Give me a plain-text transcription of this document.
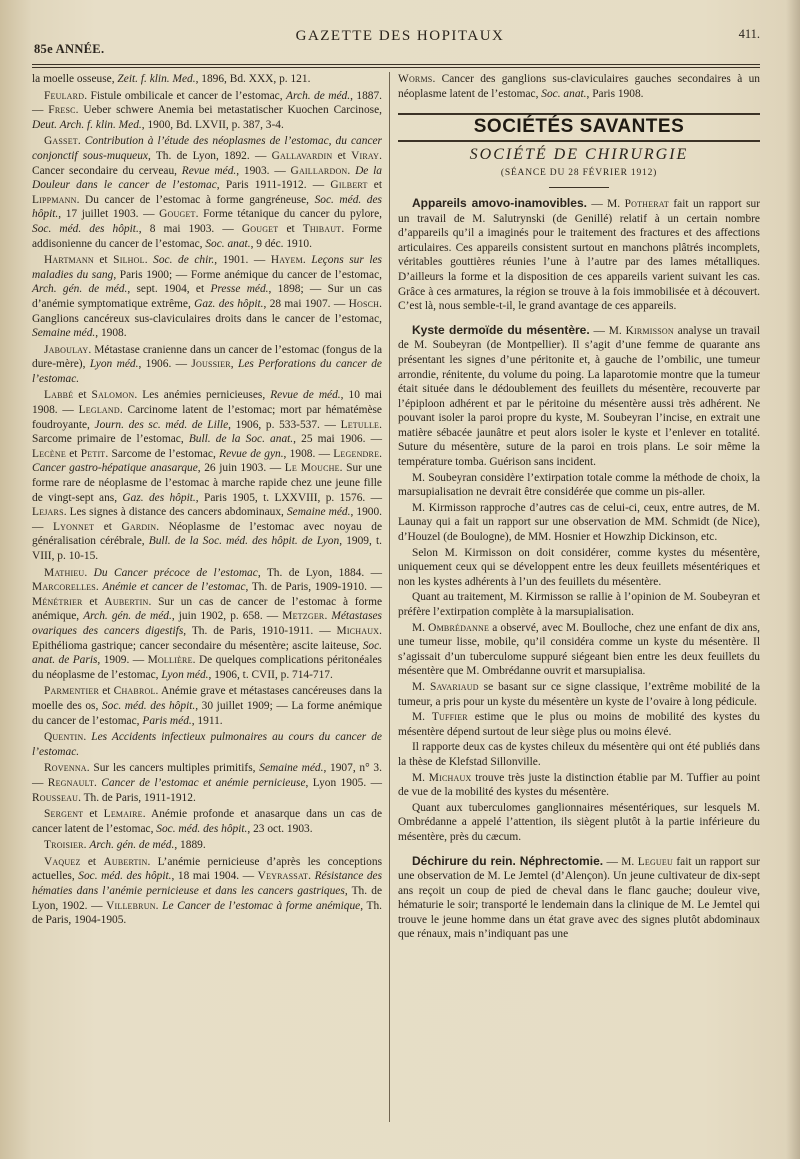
85e ANNÉE.
GAZETTE DES HOPITAUX	411.

la moelle osseuse, Zeit. f. klin. Med., 1896, Bd. XXX, p. 121.

Feulard. Fistule ombilicale et cancer de l’estomac, Arch. de méd., 1887. — Fresc. Ueber schwere Anemia bei metastatischer Kuochen Carcinose, Deut. Arch. f. klin. Med., 1900, Bd. LXVII, p. 387, 3-4.

Gasset. Contribution à l’étude des néoplasmes de l’estomac, du cancer conjonctif sous-muqueux, Th. de Lyon, 1892. — Gallavardin et Viray. Cancer secondaire du cerveau, Revue méd., 1903. — Gaillardon. De la Douleur dans le cancer de l’estomac, Paris 1911-1912. — Gilbert et Lippmann. Du cancer de l’estomac à forme gangréneuse, Soc. méd. des hôpit., 17 juillet 1903. — Gouget. Forme tétanique du cancer du pylore, Soc. méd. des hôpit., 8 mai 1903. — Gouget et Thibaut. Forme addisonienne du cancer de l’estomac, Soc. anat., 9 déc. 1910.

Hartmann et Silhol. Soc. de chir., 1901. — Hayem. Leçons sur les maladies du sang, Paris 1900; — Forme anémique du cancer de l’estomac, Arch. gén. de méd., sept. 1904, et Presse méd., 1898; — Sur un cas d’anémie symptomatique extrême, Gaz. des hôpit., 28 mai 1907. — Hosch. Ganglions cancéreux sus-claviculaires droits dans le cancer de l’estomac, Semaine méd., 1908.

Jaboulay. Métastase cranienne dans un cancer de l’estomac (fongus de la dure-mère), Lyon méd., 1906. — Joussier, Les Perforations du cancer de l’estomac.

Labbé et Salomon. Les anémies pernicieuses, Revue de méd., 10 mai 1908. — Legland. Carcinome latent de l’estomac; mort par hématémèse foudroyante, Journ. des sc. méd. de Lille, 1906, p. 533-537. — Letulle. Sarcome primaire de l’estomac, Bull. de la Soc. anat., 25 mai 1906. — Lecène et Petit. Sarcome de l’estomac, Revue de gyn., 1908. — Legendre. Cancer gastro-hépatique anasarque, 26 juin 1903. — Le Mouche. Sur une forme rare de néoplasme de l’estomac à marche rapide chez une jeune fille de vingt-sept ans, Gaz. des hôpit., Paris 1905, t. LXXVIII, p. 1576. — Lejars. Les signes à distance des cancers abdominaux, Semaine méd., 1900. — Lyonnet et Gardin. Néoplasme de l’estomac avec noyau de généralisation cérébrale, Bull. de la Soc. méd. des hôpit. de Lyon, 1909, t. VIII, p. 10-15.

Mathieu. Du Cancer précoce de l’estomac, Th. de Lyon, 1884. — Marcorelles. Anémie et cancer de l’estomac, Th. de Paris, 1909-1910. — Ménétrier et Aubertin. Sur un cas de cancer de l’estomac à forme anémique, Arch. gén. de méd., juin 1902, p. 658. — Metzger. Métastases ovariques des cancers digestifs, Th. de Paris, 1910-1911. — Michaux. Epithélioma gastrique; cancer secondaire du mésentère; ascite laiteuse, Soc. anat. de Paris, 1909. — Mollière. De quelques complications péritonéales du néoplasme de l’estomac, Lyon méd., 1906, t. CVII, p. 714-717.

Parmentier et Chabrol. Anémie grave et métastases cancéreuses dans la moelle des os, Soc. méd. des hôpit., 30 juillet 1909; — La forme anémique du cancer de l’estomac, Paris méd., 1911.

Quentin. Les Accidents infectieux pulmonaires au cours du cancer de l’estomac.

Rovenna. Sur les cancers multiples primitifs, Semaine méd., 1907, n° 3. — Regnault. Cancer de l’estomac et anémie pernicieuse, Lyon 1905. — Rousseau. Th. de Paris, 1911-1912.

Sergent et Lemaire. Anémie profonde et anasarque dans un cas de cancer latent de l’estomac, Soc. méd. des hôpit., 23 oct. 1903.

Troisier. Arch. gén. de méd., 1889.

Vaquez et Aubertin. L’anémie pernicieuse d’après les conceptions actuelles, Soc. méd. des hôpit., 18 mai 1904. — Veyrassat. Résistance des hématies dans l’anémie pernicieuse et dans les cancers gastriques, Th. de Lyon, 1902. — Villebrun. Le Cancer de l’estomac à forme anémique, Th. de Paris, 1904-1905.

Worms. Cancer des ganglions sus-claviculaires gauches secondaires à un néoplasme latent de l’estomac, Soc. anat., Paris 1908.

SOCIÉTÉS SAVANTES
SOCIÉTÉ DE CHIRURGIE
(SÉANCE DU 28 FÉVRIER 1912)

Appareils amovo-inamovibles. — M. Potherat fait un rapport sur un travail de M. Salutrynski (de Genillé) relatif à un certain nombre d’appareils qu’il a imaginés pour le traitement des fractures et des affections articulaires. Ces appareils consistent surtout en manchons plâtrés incomplets, véritables gouttières réunies l’une à l’autre par des lames métalliques. D’ailleurs la forme et la disposition de ces appareils varient suivant les cas. Grâce à ces armatures, la région se trouve à la fois immobilisée et à découvert. C’est là, nous semble-t-il, le grand avantage de ces appareils.

Kyste dermoïde du mésentère. — M. Kirmisson analyse un travail de M. Soubeyran (de Montpellier). Il s’agit d’une femme de quarante ans présentant les signes d’une péritonite et, à gauche de l’ombilic, une tumeur arrondie, rénitente, du volume du poing. La laparotomie montre que la tumeur était située dans le dédoublement des feuillets du mésentère, recouverte par l’épiploon adhérent et par le péritoine du mésentère aussi très adhérent. Ne pouvant isoler la paroi propre du kyste, M. Soubeyran l’incise, en extrait une matière sébacée jaunâtre et peut alors isoler le kyste et l’enlever en totalité. Suture du mésentère, suture de la paroi en trois plans. Le soir même la température tomba. Guérison sans incident.

M. Soubeyran considère l’extirpation totale comme la méthode de choix, la marsupialisation ne devrait être considérée que comme un pis-aller.

M. Kirmisson rapproche d’autres cas de celui-ci, ceux, entre autres, de M. Launay qui a fait un rapport sur une observation de MM. Schmidt (de Nice), d’Houzel (de Boulogne), de MM. Hosnier et Howzhip Dickinson, etc.

Selon M. Kirmisson on doit considérer, comme kystes du mésentère, uniquement ceux qui se développent entre les deux feuillets mésentériques et non les kystes adhérents à l’un des feuillets du mésentère.

Quant au traitement, M. Kirmisson se rallie à l’opinion de M. Soubeyran et préfère l’extirpation complète à la marsupialisation.

M. Ombrédanne a observé, avec M. Boulloche, chez une enfant de dix ans, une tumeur lisse, mobile, qu’il considéra comme un kyste du mésentère. Il s’agissait d’un tuberculome suppuré siégeant bien entre les deux feuillets du mésentère que M. Ombrédanne ouvrit et marsupialisa.

M. Savariaud se basant sur ce signe classique, l’extrême mobilité de la tumeur, a pris pour un kyste du mésentère un kyste de l’ovaire à long pédicule.

M. Tuffier estime que le plus ou moins de mobilité des kystes du mésentère dépend surtout de leur siège plus ou moins élevé.

Il rapporte deux cas de kystes chileux du mésentère qui ont été publiés dans la thèse de Klefstad Sillonville.

M. Michaux trouve très juste la distinction établie par M. Tuffier au point de vue de la mobilité des kystes du mésentère.

Quant aux tuberculomes ganglionnaires mésentériques, sur lesquels M. Ombrédanne a appelé l’attention, ils siègent plutôt à la partie inférieure du mésentère, près du cæcum.

Déchirure du rein. Néphrectomie. — M. Legueu fait un rapport sur une observation de M. Le Jemtel (d’Alençon). Un jeune cultivateur de dix-sept ans reçoit un coup de pied de cheval dans le flanc gauche; douleur vive, hématurie le soir; transporté le lendemain dans la clinique de M. Le Jemtel qui trouve le jeune homme dans un état grave avec des signes plutôt abdominaux que rénaux, mais n’indiquant pas une
